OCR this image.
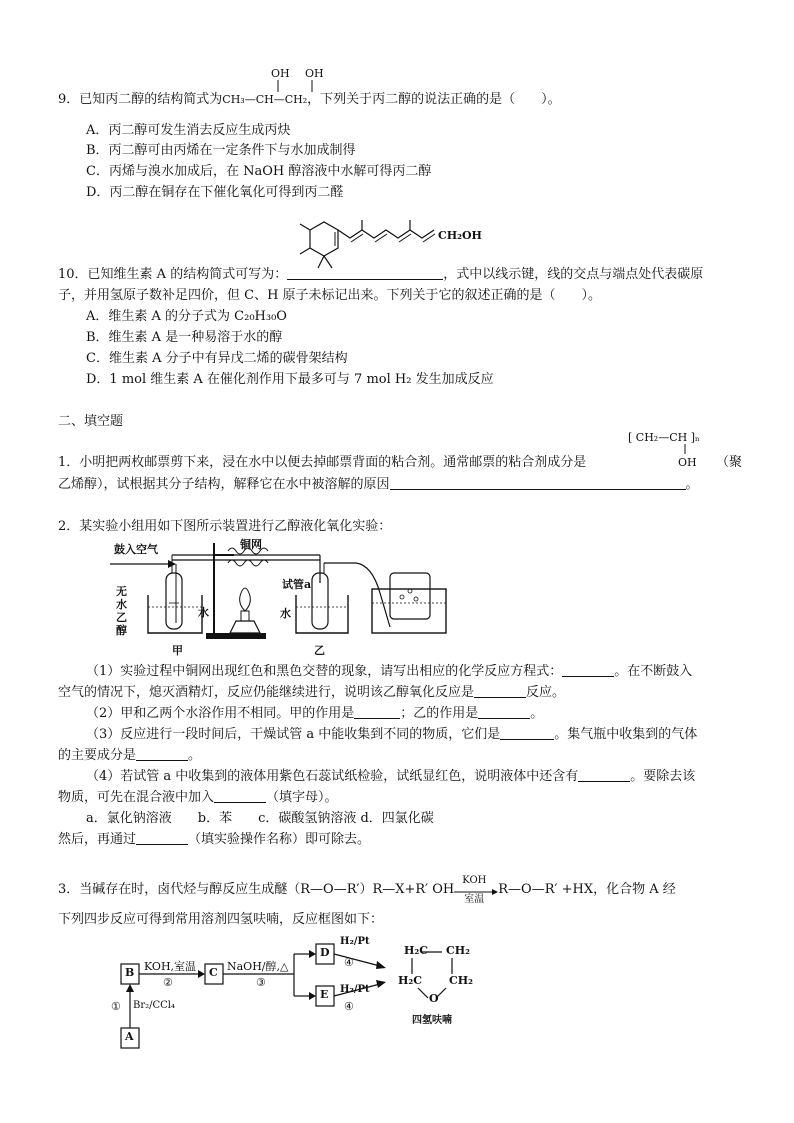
OH OH
9．已知丙二醇的结构简式为CH₃—CH—CH₂，下列关于丙二醇的说法正确的是（　　）。
A．丙二醇可发生消去反应生成丙炔
B．丙二醇可由丙烯在一定条件下与水加成制得
C．丙烯与溴水加成后，在 NaOH 醇溶液中水解可得丙二醇
D．丙二醇在铜存在下催化氧化可得到丙二醛
CH₂OH
10．已知维生素 A 的结构简式可写为：	，式中以线示键，线的交点与端点处代表碳原
子，并用氢原子数补足四价，但 C、H 原子未标记出来。下列关于它的叙述正确的是（　　）。
A．维生素 A 的分子式为 C₂₀H₃₀O
B．维生素 A 是一种易溶于水的醇
C．维生素 A 分子中有异戊二烯的碳骨架结构
D．1 mol 维生素 A 在催化剂作用下最多可与 7 mol H₂ 发生加成反应
二、填空题
[ CH₂—CH ]ₙ
OH
1．小明把两枚邮票剪下来，浸在水中以便去掉邮票背面的粘合剂。通常邮票的粘合剂成分是	（聚
乙烯醇），试根据其分子结构，解释它在水中被溶解的原因	。
2．某实验小组用如下图所示装置进行乙醇液化氧化实验：
鼓入空气	铜网
试管a
无水乙醇
水	水
甲	乙
（1）实验过程中铜网出现红色和黑色交替的现象，请写出相应的化学反应方程式：	。在不断鼓入
空气的情况下，熄灭酒精灯，反应仍能继续进行，说明该乙醇氧化反应是	反应。
（2）甲和乙两个水浴作用不相同。甲的作用是	；乙的作用是	。
（3）反应进行一段时间后，干燥试管 a 中能收集到不同的物质，它们是	。集气瓶中收集到的气体
的主要成分是	。
（4）若试管 a 中收集到的液体用紫色石蕊试纸检验，试纸显红色，说明液体中还含有	。要除去该
物质，可先在混合液中加入	（填字母）。
a．氯化钠溶液　　b．苯　　c．碳酸氢钠溶液 d．四氯化碳
然后，再通过	（填实验操作名称）即可除去。
3．当碱存在时，卤代烃与醇反应生成醚（R—O—R′）R—X+R′ OH
KOH
室温
R—O—R′ +HX，化合物 A 经
下列四步反应可得到常用溶剂四氢呋喃，反应框图如下：
B
A
C
D
E
① Br₂/CCl₄
KOH,室温
②
NaOH/醇,△
③
H₂/Pt
④
H₂/Pt
④
H₂C CH₂
H₂C CH₂
O
四氢呋喃
